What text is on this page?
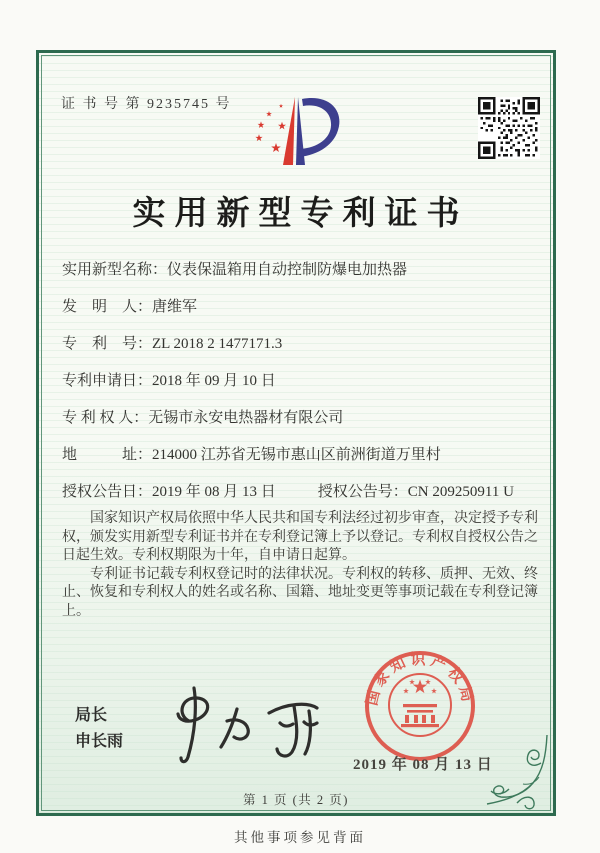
证 书 号 第 9235745 号
实用新型专利证书
实用新型名称： 仪表保温箱用自动控制防爆电加热器
发　明　人： 唐维军
专　利　号： ZL 2018 2 1477171.3
专利申请日： 2018 年 09 月 10 日
专 利 权 人： 无锡市永安电热器材有限公司
地　　　址： 214000 江苏省无锡市惠山区前洲街道万里村
授权公告日： 2019 年 08 月 13 日	授权公告号： CN 209250911 U

国家知识产权局依照中华人民共和国专利法经过初步审查，决定授予专利权，颁发实用新型专利证书并在专利登记簿上予以登记。专利权自授权公告之日起生效。专利权期限为十年，自申请日起算。

专利证书记载专利权登记时的法律状况。专利权的转移、质押、无效、终止、恢复和专利权人的姓名或名称、国籍、地址变更等事项记载在专利登记簿上。

局长
申长雨
国家知识产权局
2019 年 08 月 13 日
第 1 页 (共 2 页)
其他事项参见背面
